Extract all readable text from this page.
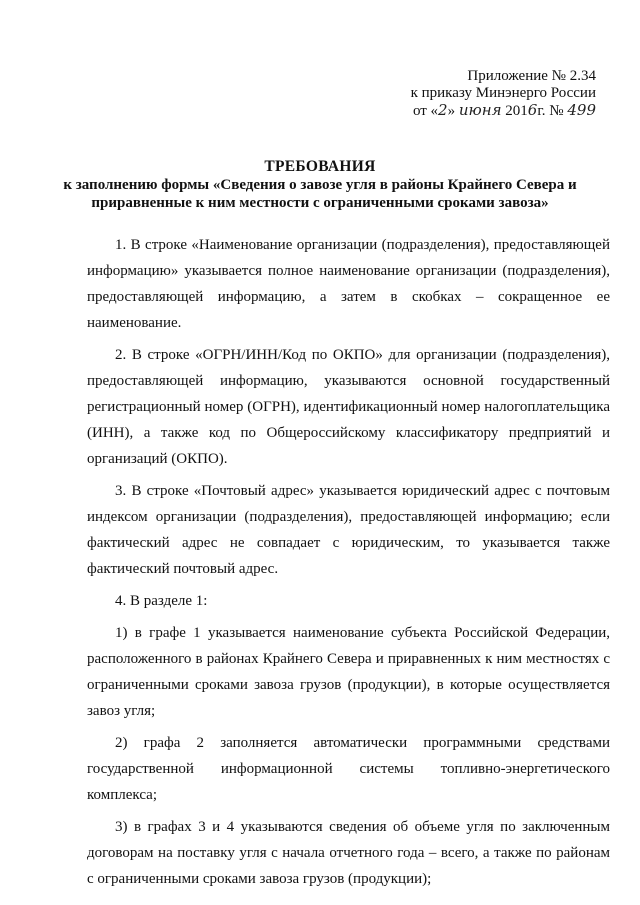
Приложение № 2.34
к приказу Минэнерго России
от «2» июня 2016г. № 499
ТРЕБОВАНИЯ
к заполнению формы «Сведения о завозе угля в районы Крайнего Севера и приравненные к ним местности с ограниченными сроками завоза»

1. В строке «Наименование организации (подразделения), предоставляющей информацию» указывается полное наименование организации (подразделения), предоставляющей информацию, а затем в скобках – сокращенное ее наименование.

2. В строке «ОГРН/ИНН/Код по ОКПО» для организации (подразделения), предоставляющей информацию, указываются основной государственный регистрационный номер (ОГРН), идентификационный номер налогоплательщика (ИНН), а также код по Общероссийскому классификатору предприятий и организаций (ОКПО).

3. В строке «Почтовый адрес» указывается юридический адрес с почтовым индексом организации (подразделения), предоставляющей информацию; если фактический адрес не совпадает с юридическим, то указывается также фактический почтовый адрес.

4. В разделе 1:

1) в графе 1 указывается наименование субъекта Российской Федерации, расположенного в районах Крайнего Севера и приравненных к ним местностях с ограниченными сроками завоза грузов (продукции), в которые осуществляется завоз угля;

2) графа 2 заполняется автоматически программными средствами государственной информационной системы топливно-энергетического комплекса;

3) в графах 3 и 4 указываются сведения об объеме угля по заключенным договорам на поставку угля с начала отчетного года – всего, а также по районам с ограниченными сроками завоза грузов (продукции);
